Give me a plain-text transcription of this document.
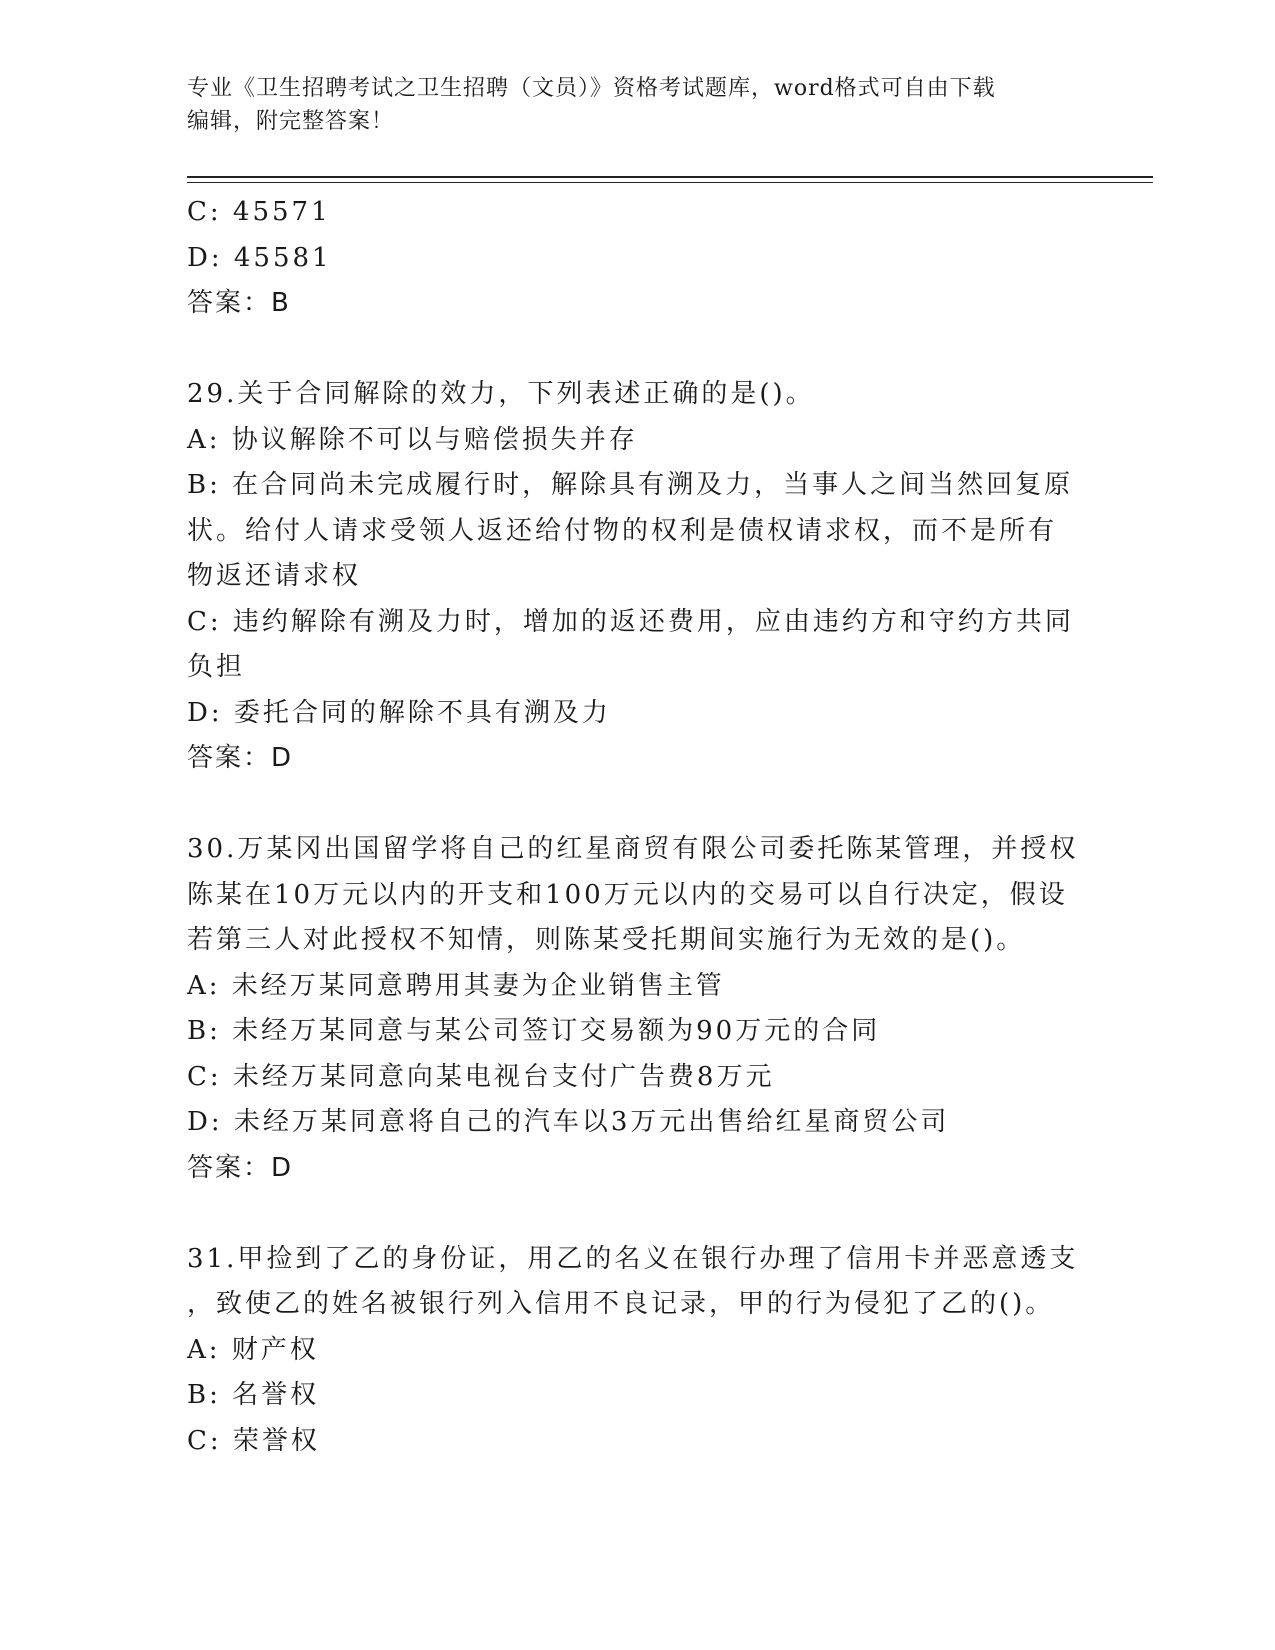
专业《卫生招聘考试之卫生招聘（文员）》资格考试题库，word格式可自由下载
编辑，附完整答案！
C: 45571
D: 45581
答案：B
29.关于合同解除的效力，下列表述正确的是()。
A: 协议解除不可以与赔偿损失并存
B: 在合同尚未完成履行时，解除具有溯及力，当事人之间当然回复原
状。给付人请求受领人返还给付物的权利是债权请求权，而不是所有
物返还请求权
C: 违约解除有溯及力时，增加的返还费用，应由违约方和守约方共同
负担
D: 委托合同的解除不具有溯及力
答案：D
30.万某冈出国留学将自己的红星商贸有限公司委托陈某管理，并授权
陈某在10万元以内的开支和100万元以内的交易可以自行决定，假设
若第三人对此授权不知情，则陈某受托期间实施行为无效的是()。
A: 未经万某同意聘用其妻为企业销售主管
B: 未经万某同意与某公司签订交易额为90万元的合同
C: 未经万某同意向某电视台支付广告费8万元
D: 未经万某同意将自己的汽车以3万元出售给红星商贸公司
答案：D
31.甲捡到了乙的身份证，用乙的名义在银行办理了信用卡并恶意透支
，致使乙的姓名被银行列入信用不良记录，甲的行为侵犯了乙的()。
A: 财产权
B: 名誉权
C: 荣誉权
